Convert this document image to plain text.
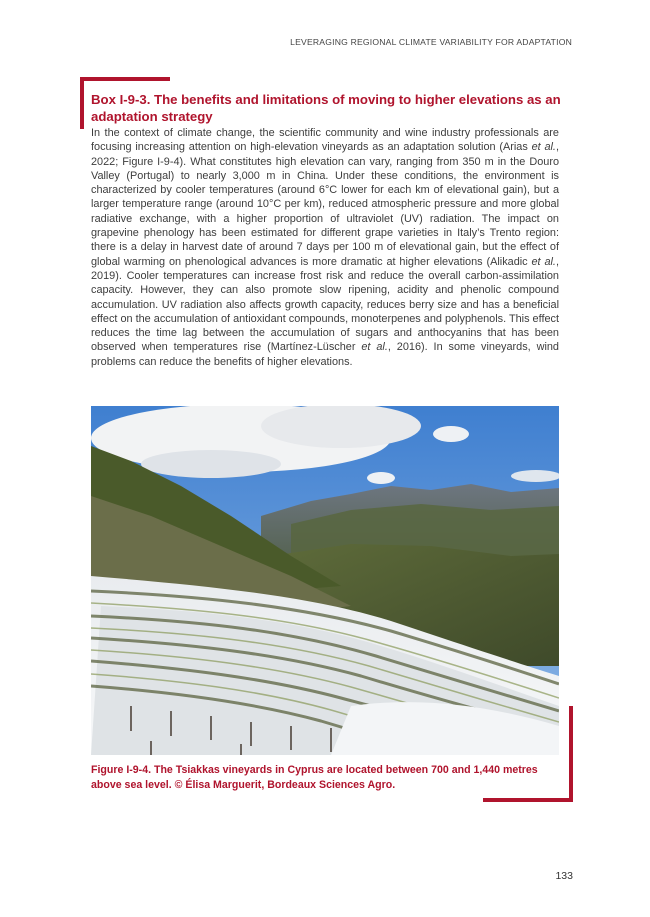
LEVERAGING REGIONAL CLIMATE VARIABILITY FOR ADAPTATION
Box I-9-3. The benefits and limitations of moving to higher elevations as an adaptation strategy
In the context of climate change, the scientific community and wine industry professionals are focusing increasing attention on high-elevation vineyards as an adaptation solution (Arias et al., 2022; Figure I-9-4). What constitutes high elevation can vary, ranging from 350 m in the Douro Valley (Portugal) to nearly 3,000 m in China. Under these conditions, the environment is characterized by cooler temperatures (around 6°C lower for each km of elevational gain), but a larger temperature range (around 10°C per km), reduced atmospheric pressure and more global radiative exchange, with a higher proportion of ultraviolet (UV) radiation. The impact on grapevine phenology has been estimated for different grape varieties in Italy’s Trento region: there is a delay in harvest date of around 7 days per 100 m of elevational gain, but the effect of global warming on phenological advances is more dramatic at higher elevations (Alikadic et al., 2019). Cooler temperatures can increase frost risk and reduce the overall carbon-assimilation capacity. However, they can also promote slow ripening, acidity and phenolic compound accumulation. UV radiation also affects growth capacity, reduces berry size and has a beneficial effect on the accumulation of antioxidant compounds, monoterpenes and polyphenols. This effect reduces the time lag between the accumulation of sugars and anthocyanins that has been observed when temperatures rise (Martínez-Lüscher et al., 2016). In some vineyards, wind problems can reduce the benefits of higher elevations.
Figure I-9-4. The Tsiakkas vineyards in Cyprus are located between 700 and 1,440 metres above sea level. © Élisa Marguerit, Bordeaux Sciences Agro.
133
